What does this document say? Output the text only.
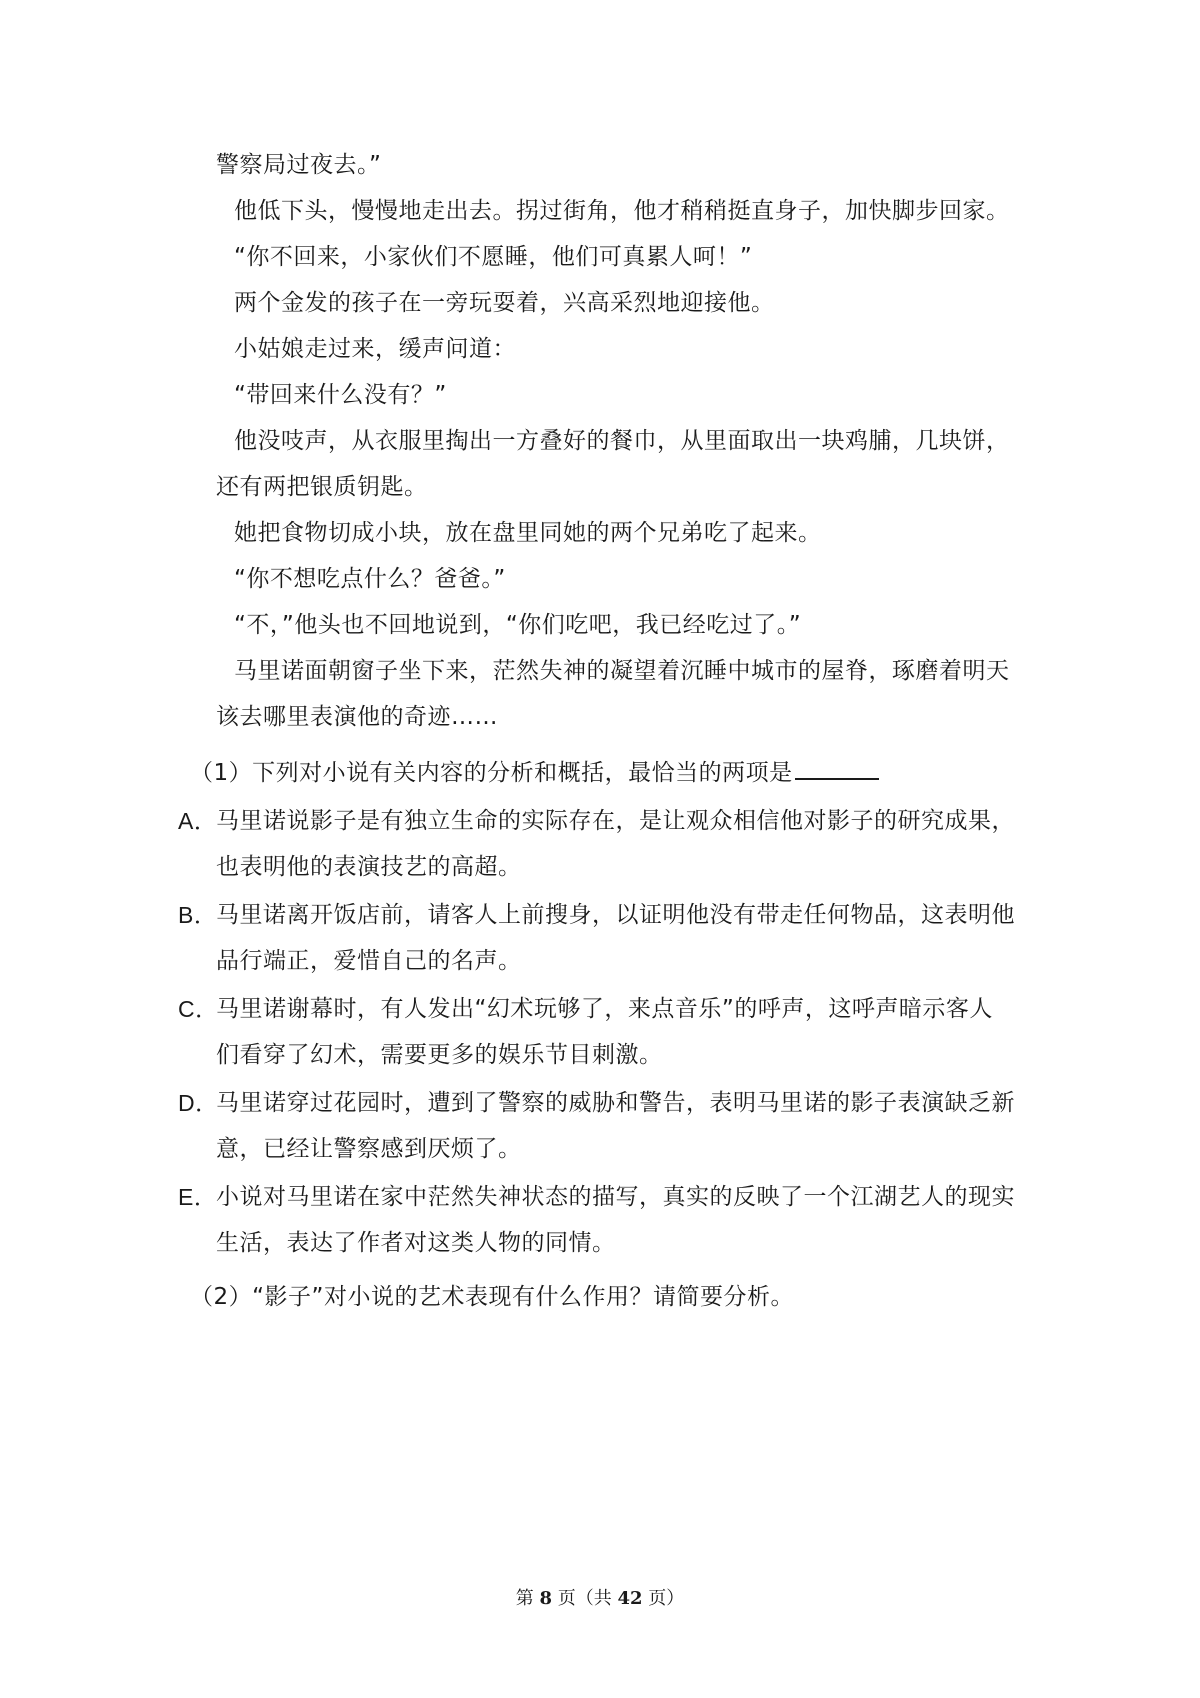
警察局过夜去。”

他低下头，慢慢地走出去。拐过街角，他才稍稍挺直身子，加快脚步回家。

“你不回来，小家伙们不愿睡，他们可真累人呵！”

两个金发的孩子在一旁玩耍着，兴高采烈地迎接他。

小姑娘走过来，缓声问道：

“带回来什么没有？”

他没吱声，从衣服里掏出一方叠好的餐巾，从里面取出一块鸡脯，几块饼，还有两把银质钥匙。

她把食物切成小块，放在盘里同她的两个兄弟吃了起来。

“你不想吃点什么？爸爸。”

“不，”他头也不回地说到，“你们吃吧，我已经吃过了。”

马里诺面朝窗子坐下来，茫然失神的凝望着沉睡中城市的屋脊，琢磨着明天该去哪里表演他的奇迹……

（1）下列对小说有关内容的分析和概括，最恰当的两项是

A．
马里诺说影子是有独立生命的实际存在，是让观众相信他对影子的研究成果，也表明他的表演技艺的高超。

B．
马里诺离开饭店前，请客人上前搜身，以证明他没有带走任何物品，这表明他品行端正，爱惜自己的名声。

C．
马里诺谢幕时，有人发出“幻术玩够了，来点音乐”的呼声，这呼声暗示客人们看穿了幻术，需要更多的娱乐节目刺激。

D．
马里诺穿过花园时，遭到了警察的威胁和警告，表明马里诺的影子表演缺乏新意，已经让警察感到厌烦了。

E．
小说对马里诺在家中茫然失神状态的描写，真实的反映了一个江湖艺人的现实生活，表达了作者对这类人物的同情。

（2）“影子”对小说的艺术表现有什么作用？请简要分析。

第 8 页（共 42 页）
